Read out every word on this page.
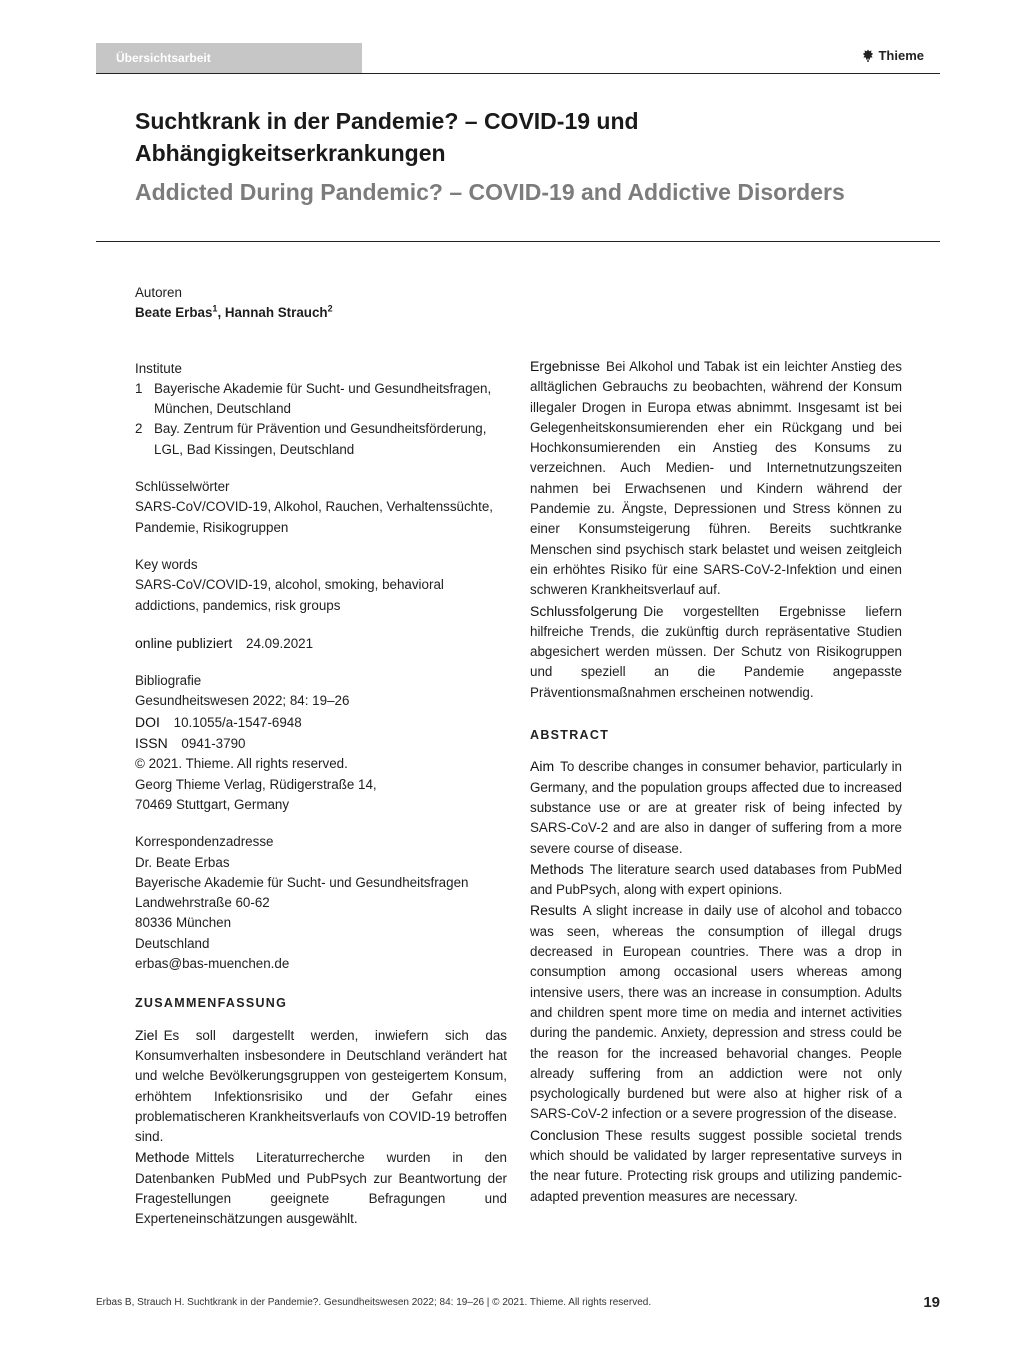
Übersichtsarbeit	Thieme
Suchtkrank in der Pandemie? – COVID-19 und Abhängigkeitserkrankungen
Addicted During Pandemic? – COVID-19 and Addictive Disorders
Autoren
Beate Erbas$^1$, Hannah Strauch$^2$
Institute
1 Bayerische Akademie für Sucht- und Gesundheitsfragen, München, Deutschland
2 Bay. Zentrum für Prävention und Gesundheitsförderung, LGL, Bad Kissingen, Deutschland
Schlüsselwörter
SARS-CoV/COVID-19, Alkohol, Rauchen, Verhaltenssüchte, Pandemie, Risikogruppen
Key words
SARS-CoV/COVID-19, alcohol, smoking, behavioral addictions, pandemics, risk groups
online publiziert 24.09.2021
Bibliografie
Gesundheitswesen 2022; 84: 19–26
DOI 10.1055/a-1547-6948
ISSN 0941-3790
© 2021. Thieme. All rights reserved.
Georg Thieme Verlag, Rüdigerstraße 14,
70469 Stuttgart, Germany
Korrespondenzadresse
Dr. Beate Erbas
Bayerische Akademie für Sucht- und Gesundheitsfragen
Landwehrstraße 60-62
80336 München
Deutschland
erbas@bas-muenchen.de
ZUSAMMENFASSUNG
Ziel Es soll dargestellt werden, inwiefern sich das Konsumverhalten insbesondere in Deutschland verändert hat und welche Bevölkerungsgruppen von gesteigertem Konsum, erhöhtem Infektionsrisiko und der Gefahr eines problematischeren Krankheitsverlaufs von COVID-19 betroffen sind.
Methode Mittels Literaturrecherche wurden in den Datenbanken PubMed und PubPsych zur Beantwortung der Fragestellungen geeignete Befragungen und Experteneinschätzungen ausgewählt.
Ergebnisse Bei Alkohol und Tabak ist ein leichter Anstieg des alltäglichen Gebrauchs zu beobachten, während der Konsum illegaler Drogen in Europa etwas abnimmt. Insgesamt ist bei Gelegenheitskonsumierenden eher ein Rückgang und bei Hochkonsumierenden ein Anstieg des Konsums zu verzeichnen. Auch Medien- und Internetnutzungszeiten nahmen bei Erwachsenen und Kindern während der Pandemie zu. Ängste, Depressionen und Stress können zu einer Konsumsteigerung führen. Bereits suchtkranke Menschen sind psychisch stark belastet und weisen zeitgleich ein erhöhtes Risiko für eine SARS-CoV-2-Infektion und einen schweren Krankheitsverlauf auf.
Schlussfolgerung Die vorgestellten Ergebnisse liefern hilfreiche Trends, die zukünftig durch repräsentative Studien abgesichert werden müssen. Der Schutz von Risikogruppen und speziell an die Pandemie angepasste Präventionsmaßnahmen erscheinen notwendig.
ABSTRACT
Aim To describe changes in consumer behavior, particularly in Germany, and the population groups affected due to increased substance use or are at greater risk of being infected by SARS-CoV-2 and are also in danger of suffering from a more severe course of disease.
Methods The literature search used databases from PubMed and PubPsych, along with expert opinions.
Results A slight increase in daily use of alcohol and tobacco was seen, whereas the consumption of illegal drugs decreased in European countries. There was a drop in consumption among occasional users whereas among intensive users, there was an increase in consumption. Adults and children spent more time on media and internet activities during the pandemic. Anxiety, depression and stress could be the reason for the increased behavorial changes. People already suffering from an addiction were not only psychologically burdened but were also at higher risk of a SARS-CoV-2 infection or a severe progression of the disease.
Conclusion These results suggest possible societal trends which should be validated by larger representative surveys in the near future. Protecting risk groups and utilizing pandemic-adapted prevention measures are necessary.
Erbas B, Strauch H. Suchtkrank in der Pandemie?. Gesundheitswesen 2022; 84: 19–26 | © 2021. Thieme. All rights reserved.	19
